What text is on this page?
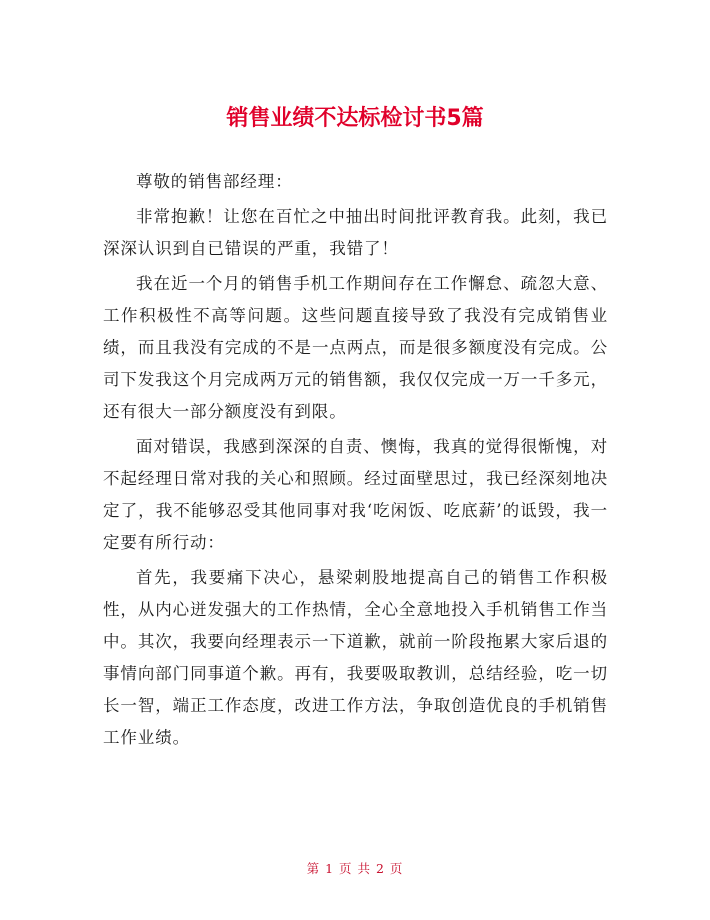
销售业绩不达标检讨书5篇

尊敬的销售部经理：

非常抱歉！让您在百忙之中抽出时间批评教育我。此刻，我已深深认识到自已错误的严重，我错了！

我在近一个月的销售手机工作期间存在工作懈怠、疏忽大意、工作积极性不高等问题。这些问题直接导致了我没有完成销售业绩，而且我没有完成的不是一点两点，而是很多额度没有完成。公司下发我这个月完成两万元的销售额，我仅仅完成一万一千多元，还有很大一部分额度没有到限。

面对错误，我感到深深的自责、懊悔，我真的觉得很惭愧，对不起经理日常对我的关心和照顾。经过面壁思过，我已经深刻地决定了，我不能够忍受其他同事对我‘吃闲饭、吃底薪’的诋毁，我一定要有所行动：

首先，我要痛下决心，悬梁刺股地提高自己的销售工作积极性，从内心迸发强大的工作热情，全心全意地投入手机销售工作当中。其次，我要向经理表示一下道歉，就前一阶段拖累大家后退的事情向部门同事道个歉。再有，我要吸取教训，总结经验，吃一切长一智，端正工作态度，改进工作方法，争取创造优良的手机销售工作业绩。

第 1 页 共 2 页
